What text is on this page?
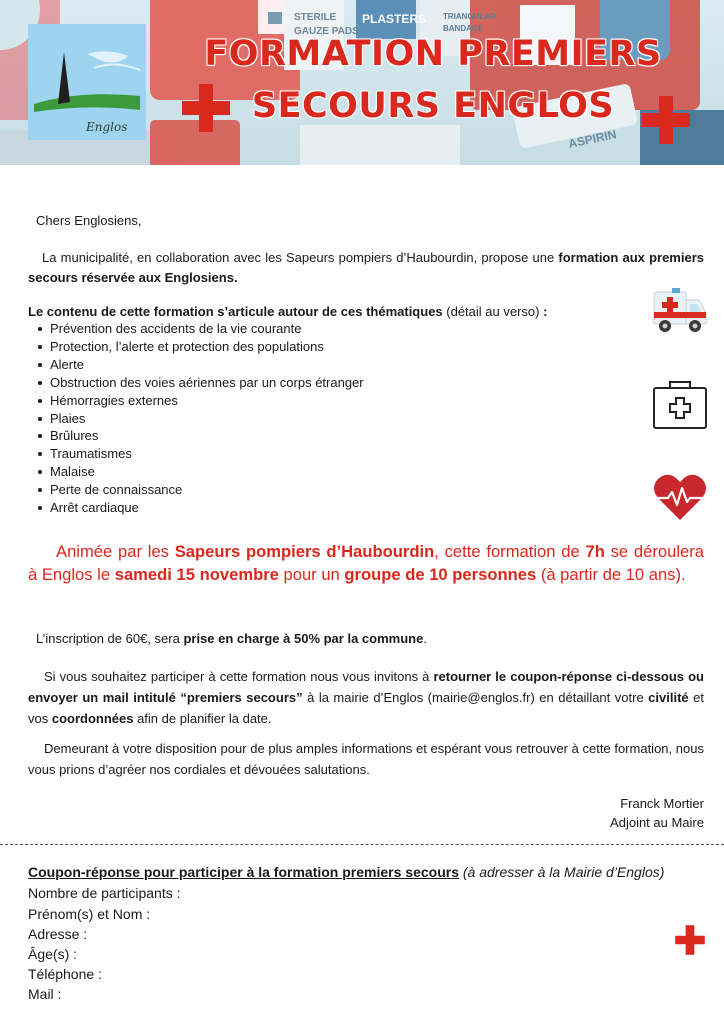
STERILE
GAUZE PADS
PLASTERS TRIANGULAR
BANDAGE
ASPIRIN
Englos
FORMATION PREMIERS
SECOURS ENGLOS
Chers Englosiens,
La municipalité, en collaboration avec les Sapeurs pompiers d’Haubourdin, propose une formation aux premiers secours réservée aux Englosiens.
Le contenu de cette formation s’articule autour de ces thématiques (détail au verso) :
Prévention des accidents de la vie courante
Protection, l’alerte et protection des populations
Alerte
Obstruction des voies aériennes par un corps étranger
Hémorragies externes
Plaies
Brûlures
Traumatismes
Malaise
Perte de connaissance
Arrêt cardiaque
Animée par les Sapeurs pompiers d’Haubourdin, cette formation de 7h se déroulera à Englos le samedi 15 novembre pour un groupe de 10 personnes (à partir de 10 ans).
L’inscription de 60€, sera prise en charge à 50% par la commune.
Si vous souhaitez participer à cette formation nous vous invitons à retourner le coupon-réponse ci-dessous ou envoyer un mail intitulé “premiers secours” à la mairie d’Englos (mairie@englos.fr) en détaillant votre civilité et vos coordonnées afin de planifier la date.
Demeurant à votre disposition pour de plus amples informations et espérant vous retrouver à cette formation, nous vous prions d’agréer nos cordiales et dévouées salutations.
Franck Mortier
Adjoint au Maire
Coupon-réponse pour participer à la formation premiers secours (à adresser à la Mairie d’Englos)
Nombre de participants :
Prénom(s) et Nom :
Adresse :
Âge(s) :
Téléphone :
Mail :
